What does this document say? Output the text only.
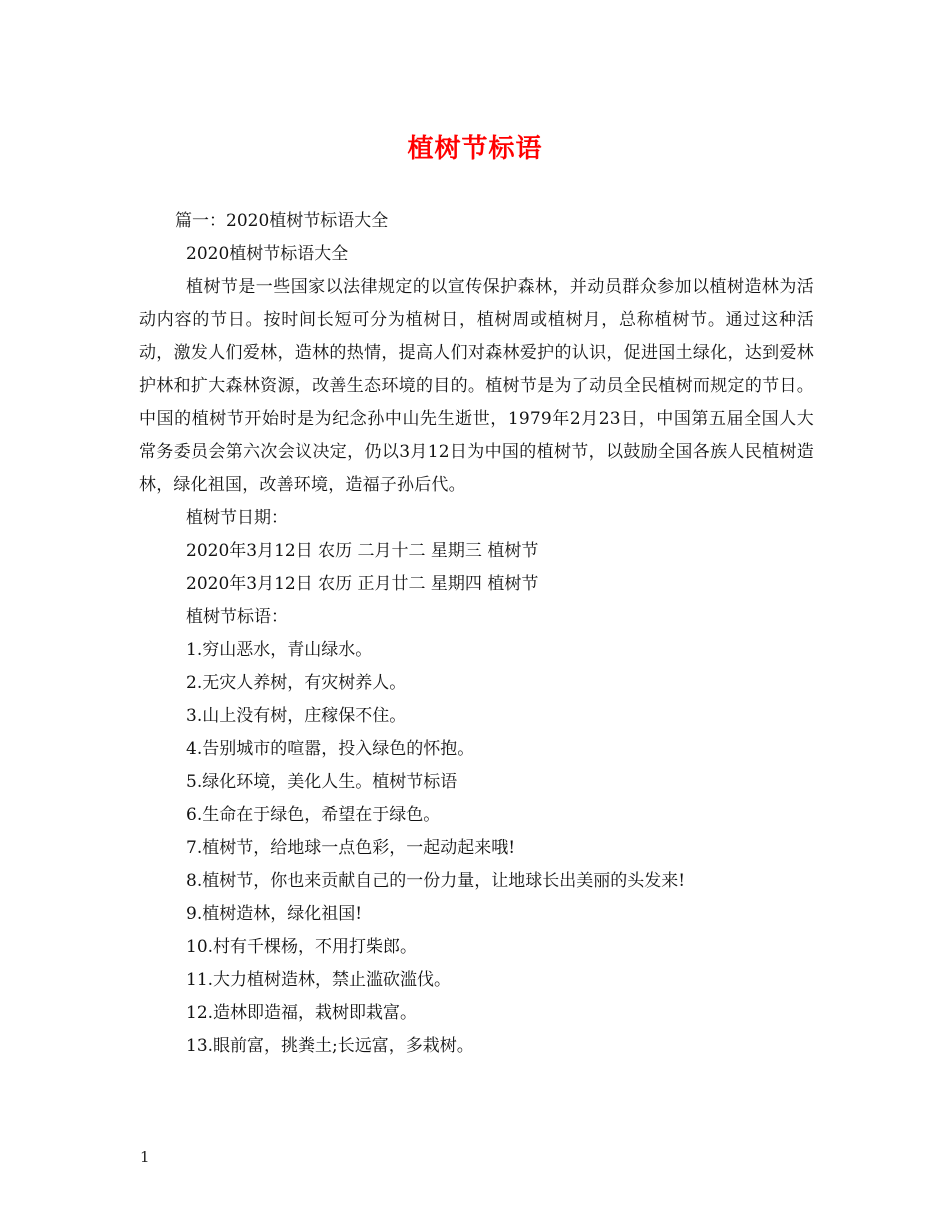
植树节标语
篇一：2020植树节标语大全
2020植树节标语大全
植树节是一些国家以法律规定的以宣传保护森林，并动员群众参加以植树造林为活动内容的节日。按时间长短可分为植树日，植树周或植树月，总称植树节。通过这种活动，激发人们爱林，造林的热情，提高人们对森林爱护的认识，促进国土绿化，达到爱林护林和扩大森林资源，改善生态环境的目的。植树节是为了动员全民植树而规定的节日。中国的植树节开始时是为纪念孙中山先生逝世，1979年2月23日，中国第五届全国人大常务委员会第六次会议决定，仍以3月12日为中国的植树节，以鼓励全国各族人民植树造林，绿化祖国，改善环境，造福子孙后代。
植树节日期：
2020年3月12日 农历 二月十二 星期三 植树节
2020年3月12日 农历 正月廿二 星期四 植树节
植树节标语：
1.穷山恶水，青山绿水。
2.无灾人养树，有灾树养人。
3.山上没有树，庄稼保不住。
4.告别城市的喧嚣，投入绿色的怀抱。
5.绿化环境，美化人生。植树节标语
6.生命在于绿色，希望在于绿色。
7.植树节，给地球一点色彩，一起动起来哦!
8.植树节，你也来贡献自己的一份力量，让地球长出美丽的头发来!
9.植树造林，绿化祖国!
10.村有千棵杨，不用打柴郎。
11.大力植树造林，禁止滥砍滥伐。
12.造林即造福，栽树即栽富。
13.眼前富，挑粪土;长远富，多栽树。
1
